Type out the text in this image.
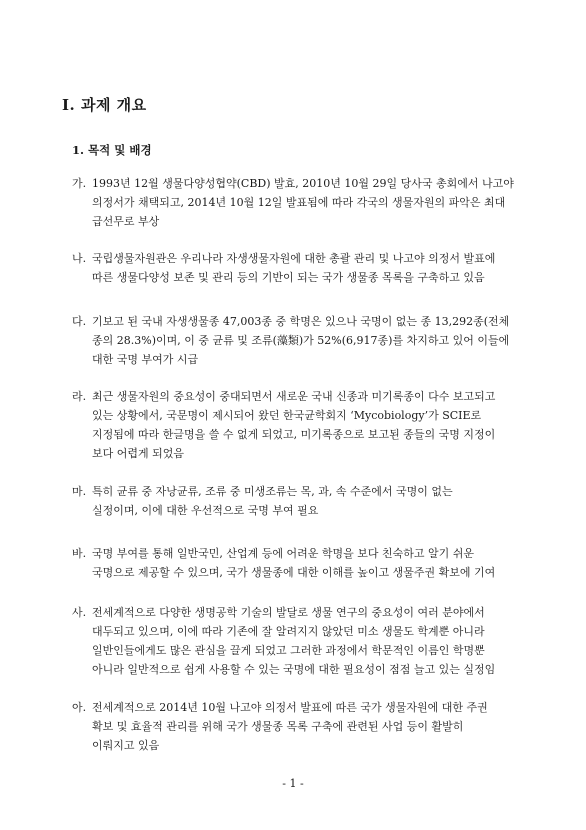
Ⅰ. 과제 개요
1. 목적 및 배경

가. 1993년 12월 생물다양성협약(CBD) 발효, 2010년 10월 29일 당사국 총회에서 나고야
의정서가 채택되고, 2014년 10월 12일 발표됨에 따라 각국의 생물자원의 파악은 최대
급선무로 부상

나. 국립생물자원관은 우리나라 자생생물자원에 대한 총괄 관리 및 나고야 의정서 발표에
따른 생물다양성 보존 및 관리 등의 기반이 되는 국가 생물종 목록을 구축하고 있음

다. 기보고 된 국내 자생생물종 47,003종 중 학명은 있으나 국명이 없는 종 13,292종(전체
종의 28.3%)이며, 이 중 균류 및 조류(藻類)가 52%(6,917종)를 차지하고 있어 이들에
대한 국명 부여가 시급

라. 최근 생물자원의 중요성이 중대되면서 새로운 국내 신종과 미기록종이 다수 보고되고
있는 상황에서, 국문명이 제시되어 왔던 한국균학회지 ‘Mycobiology’가 SCIE로
지정됨에 따라 한글명을 쓸 수 없게 되었고, 미기록종으로 보고된 종들의 국명 지정이
보다 어렵게 되었음

마. 특히 균류 중 자낭균류, 조류 중 미생조류는 목, 과, 속 수준에서 국명이 없는
실정이며, 이에 대한 우선적으로 국명 부여 필요

바. 국명 부여를 통해 일반국민, 산업계 등에 어려운 학명을 보다 친숙하고 알기 쉬운
국명으로 제공할 수 있으며, 국가 생물종에 대한 이해를 높이고 생물주권 확보에 기여

사. 전세계적으로 다양한 생명공학 기술의 발달로 생물 연구의 중요성이 여러 분야에서
대두되고 있으며, 이에 따라 기존에 잘 알려지지 않았던 미소 생물도 학계뿐 아니라
일반인들에게도 많은 관심을 끌게 되었고 그러한 과정에서 학문적인 이름인 학명뿐
아니라 일반적으로 쉽게 사용할 수 있는 국명에 대한 필요성이 점점 늘고 있는 실정임

아. 전세계적으로 2014년 10월 나고야 의정서 발표에 따른 국가 생물자원에 대한 주권
확보 및 효율적 관리를 위해 국가 생물종 목록 구축에 관련된 사업 등이 활발히
이뤄지고 있음

- 1 -
